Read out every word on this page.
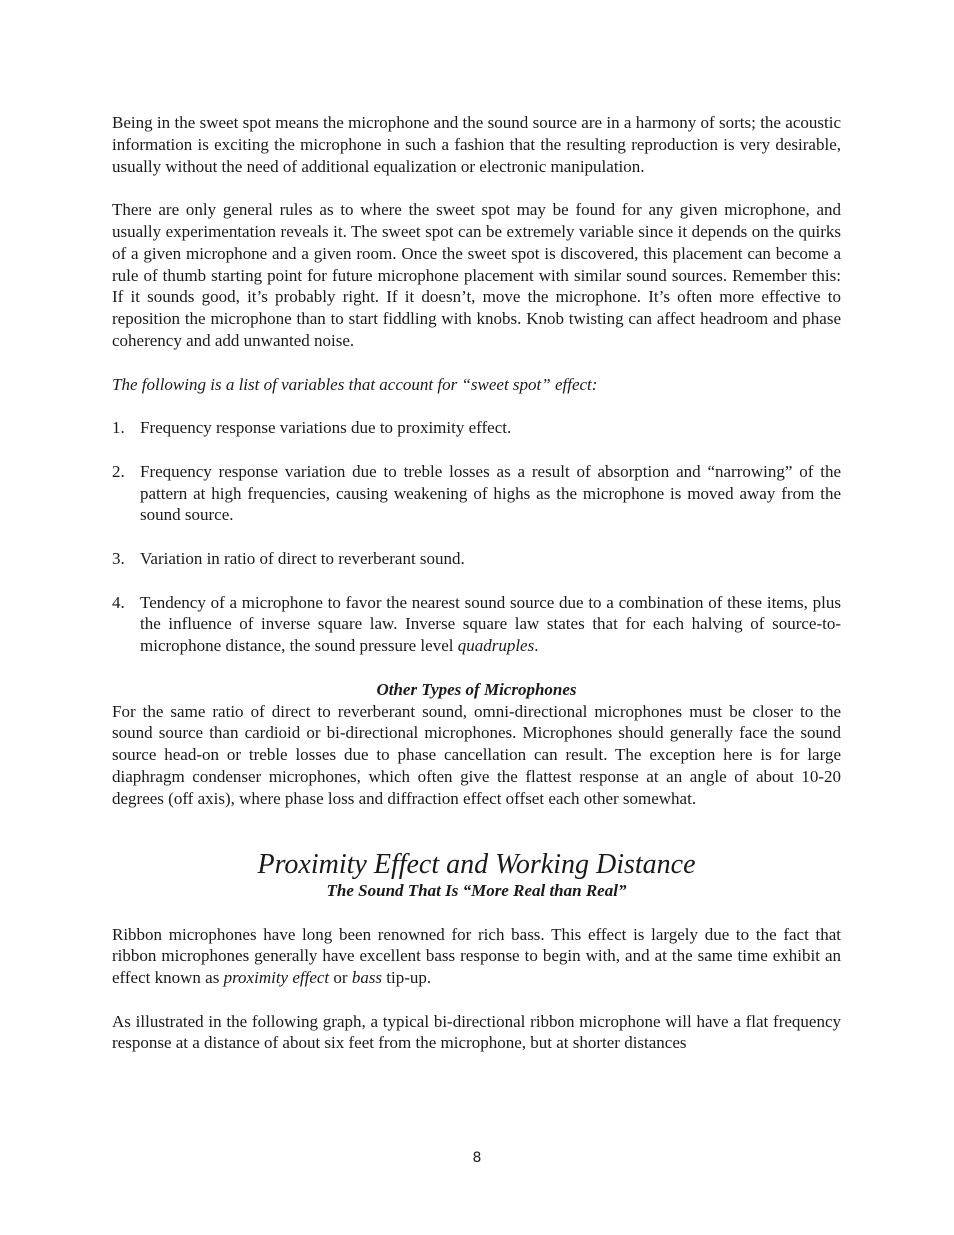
Being in the sweet spot means the microphone and the sound source are in a harmony of sorts; the acoustic information is exciting the microphone in such a fashion that the resulting reproduction is very desirable, usually without the need of additional equalization or electronic manipulation.

There are only general rules as to where the sweet spot may be found for any given microphone, and usually experimentation reveals it. The sweet spot can be extremely variable since it depends on the quirks of a given microphone and a given room. Once the sweet spot is discovered, this placement can become a rule of thumb starting point for future microphone placement with similar sound sources. Remember this: If it sounds good, it’s probably right. If it doesn’t, move the microphone. It’s often more effective to reposition the microphone than to start fiddling with knobs. Knob twisting can affect headroom and phase coherency and add unwanted noise.

The following is a list of variables that account for “sweet spot” effect:

1. Frequency response variations due to proximity effect.
2. Frequency response variation due to treble losses as a result of absorption and “narrowing” of the pattern at high frequencies, causing weakening of highs as the microphone is moved away from the sound source.
3. Variation in ratio of direct to reverberant sound.
4. Tendency of a microphone to favor the nearest sound source due to a combination of these items, plus the influence of inverse square law. Inverse square law states that for each halving of source-to-microphone distance, the sound pressure level quadruples.
Other Types of Microphones

For the same ratio of direct to reverberant sound, omni-directional microphones must be closer to the sound source than cardioid or bi-directional microphones. Microphones should generally face the sound source head-on or treble losses due to phase cancellation can result. The exception here is for large diaphragm condenser microphones, which often give the flattest response at an angle of about 10-20 degrees (off axis), where phase loss and diffraction effect offset each other somewhat.

Proximity Effect and Working Distance
The Sound That Is “More Real than Real”

Ribbon microphones have long been renowned for rich bass. This effect is largely due to the fact that ribbon microphones generally have excellent bass response to begin with, and at the same time exhibit an effect known as proximity effect or bass tip-up.

As illustrated in the following graph, a typical bi-directional ribbon microphone will have a flat frequency response at a distance of about six feet from the microphone, but at shorter distances

8
